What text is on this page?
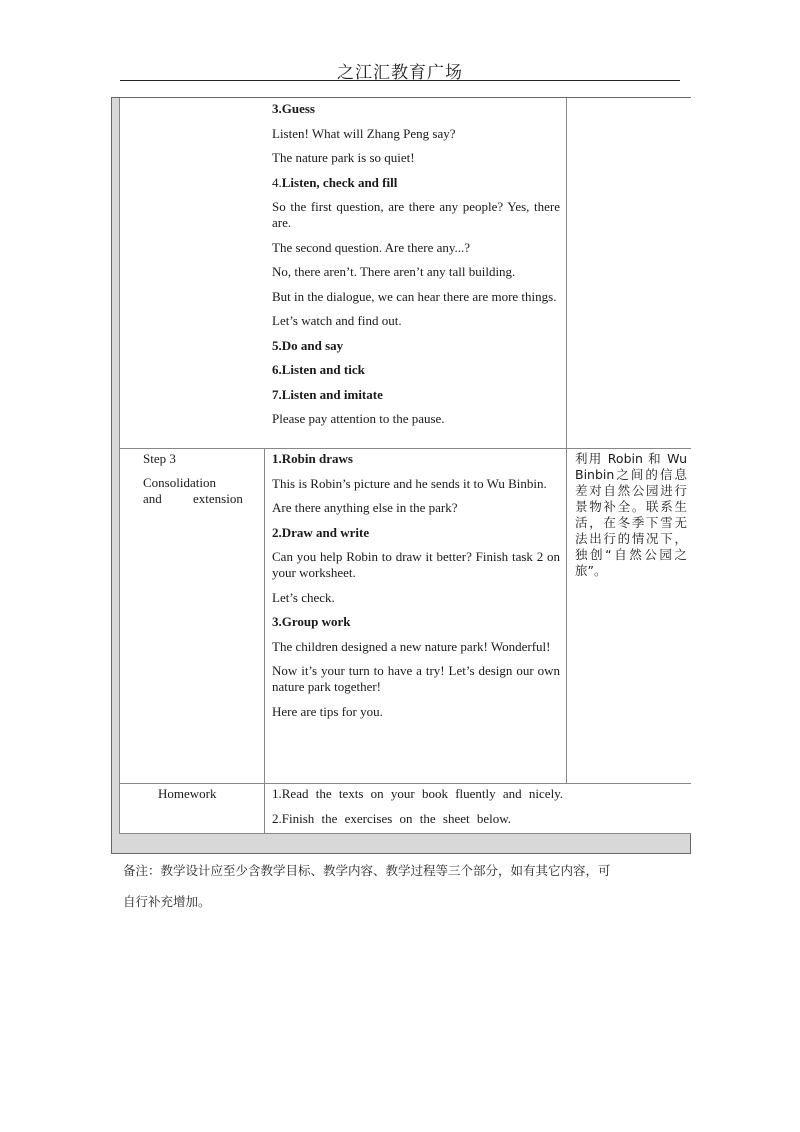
之江汇教育广场

3.Guess

Listen! What will Zhang Peng say?

The nature park is so quiet!

4.Listen, check and fill

So the first question, are there any people? Yes, there are.

The second question. Are there any...?

No, there aren’t. There aren’t any tall building.

But in the dialogue, we can hear there are more things.

Let’s watch and find out.

5.Do and say

6.Listen and tick

7.Listen and imitate

Please pay attention to the pause.

Step 3
Consolidation and extension

1.Robin draws

This is Robin’s picture and he sends it to Wu Binbin.

Are there anything else in the park?

2.Draw and write

Can you help Robin to draw it better? Finish task 2 on your worksheet.

Let’s check.

3.Group work

The children designed a new nature park! Wonderful!

Now it’s your turn to have a try! Let’s design our own nature park together!

Here are tips for you.

利用 Robin 和 Wu Binbin之间的信息差对自然公园进行景物补全。联系生活，在冬季下雪无法出行的情况下，独创“自然公园之旅”。
Homework	1.Read the texts on your book fluently and nicely.

2.Finish the exercises on the sheet below.

备注：教学设计应至少含教学目标、教学内容、教学过程等三个部分，如有其它内容，可
自行补充增加。
